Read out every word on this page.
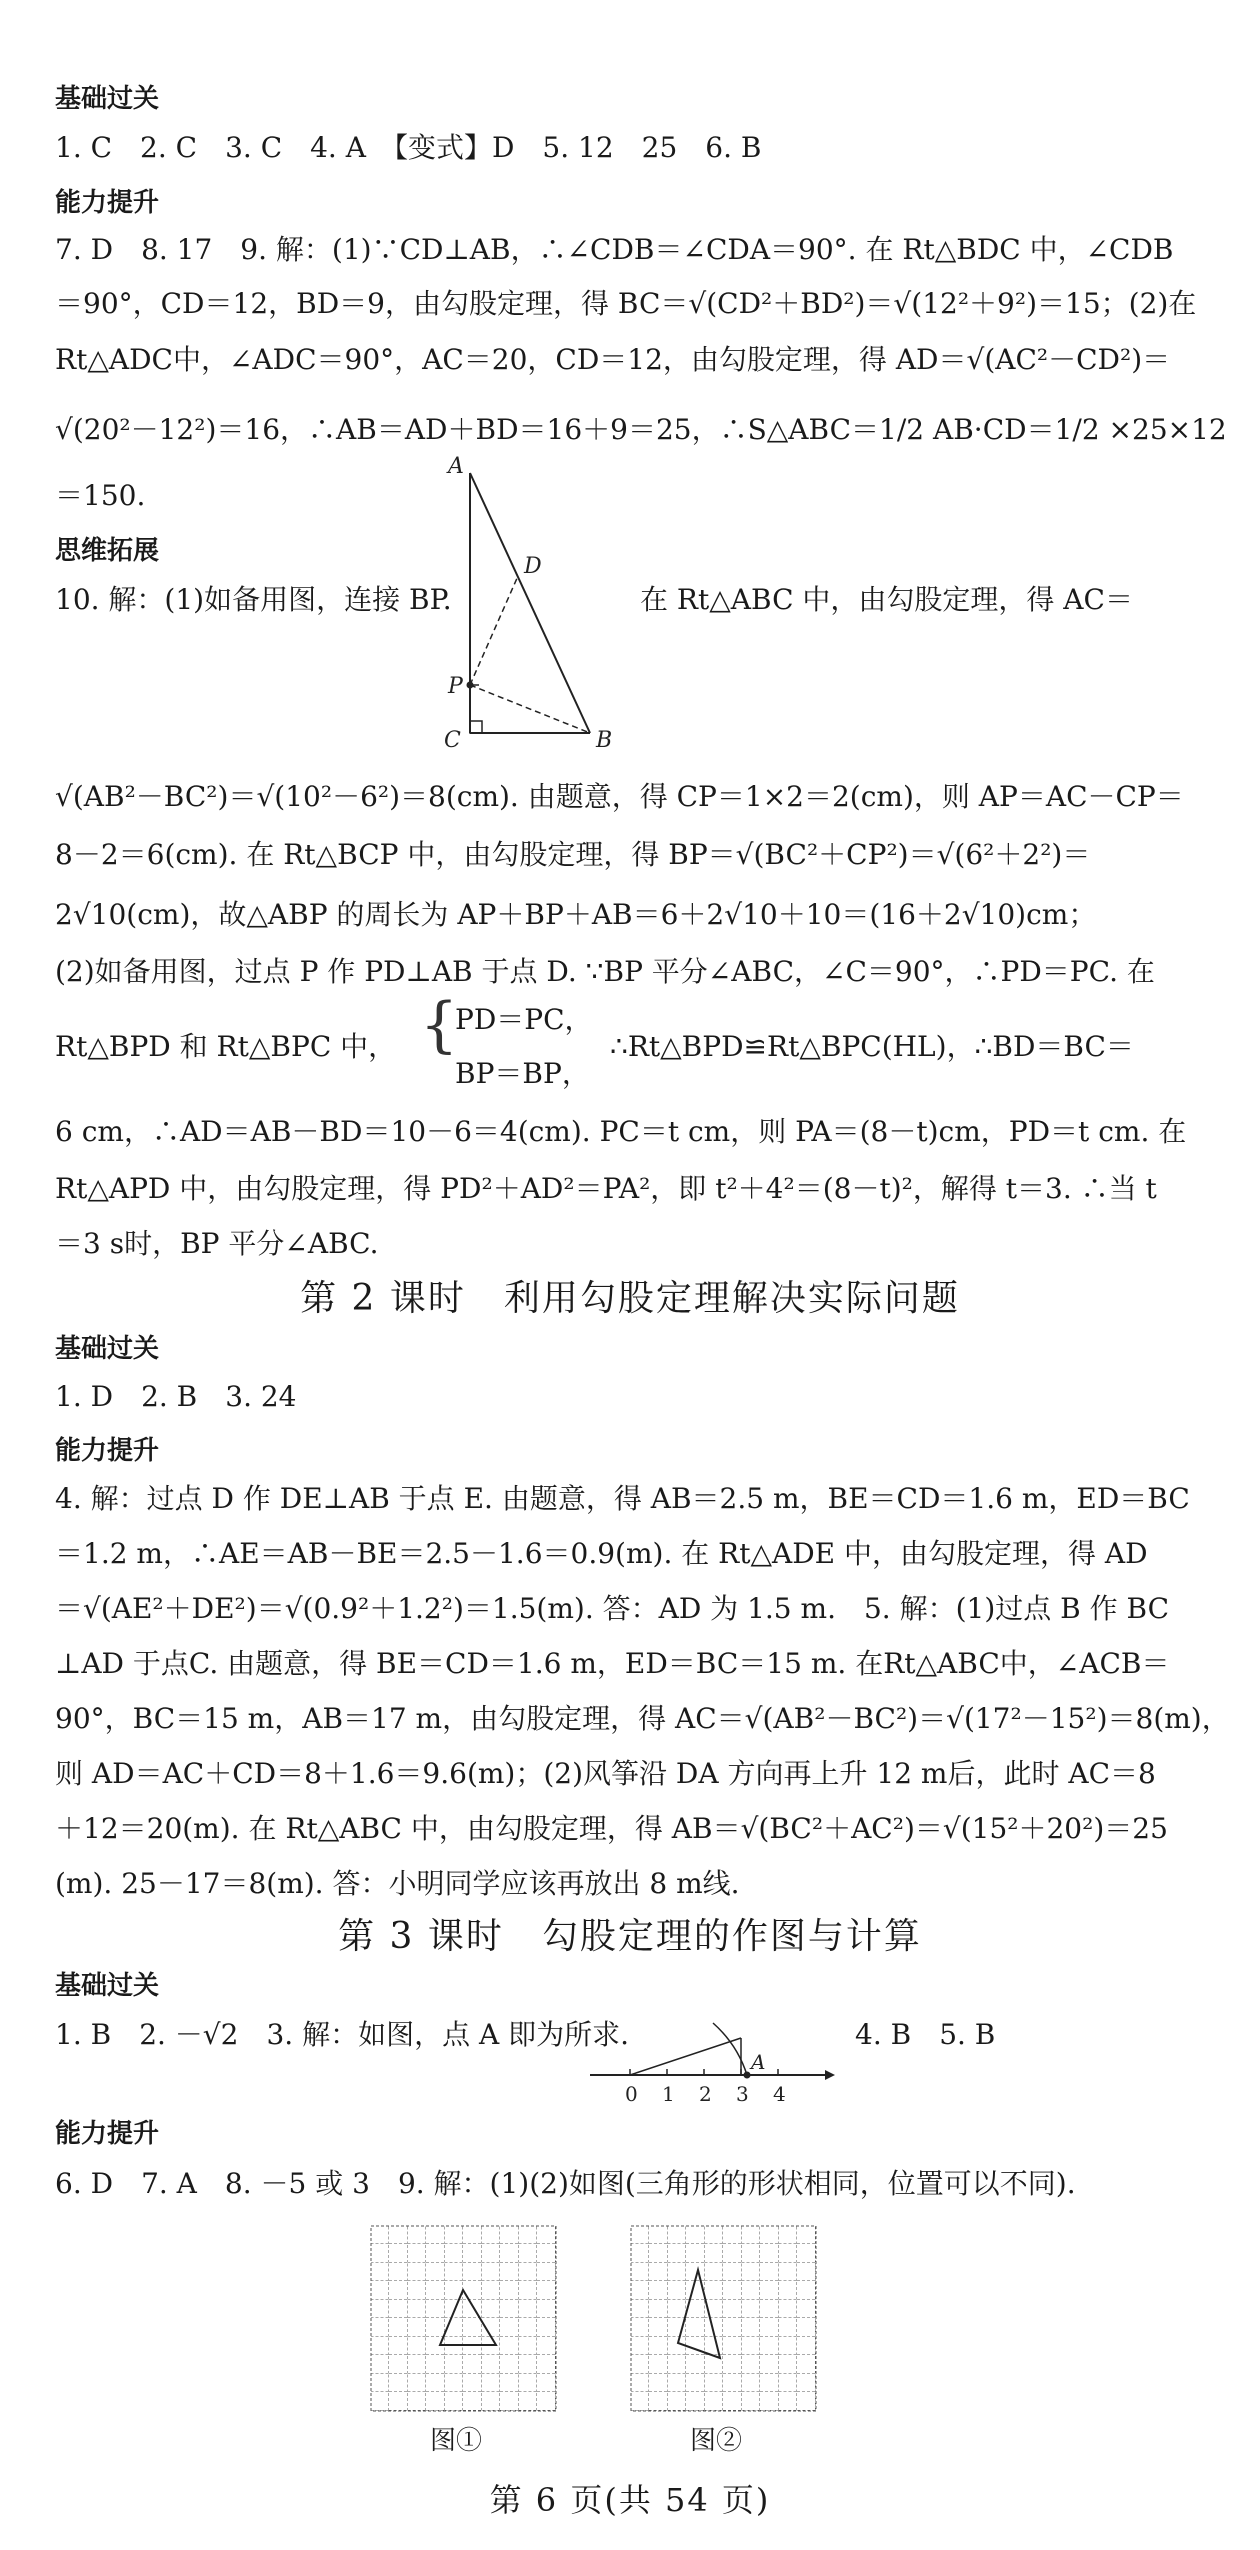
基础过关
1. C　2. C　3. C　4. A　【变式】D　5. 12　25　6. B
能力提升
7. D　8. 17　9. 解：(1)∵CD⊥AB，∴∠CDB＝∠CDA＝90°. 在 Rt△BDC 中，∠CDB
＝90°，CD＝12，BD＝9，由勾股定理，得 BC＝√(CD²＋BD²)＝√(12²＋9²)＝15；(2)在
Rt△ADC中，∠ADC＝90°，AC＝20，CD＝12，由勾股定理，得 AD＝√(AC²－CD²)＝
√(20²－12²)＝16，∴AB＝AD＋BD＝16＋9＝25，∴S△ABC＝1/2 AB·CD＝1/2 ×25×12
＝150.
思维拓展
10. 解：(1)如备用图，连接 BP.	在 Rt△ABC 中，由勾股定理，得 AC＝
A
D
P
C	B
√(AB²－BC²)＝√(10²－6²)＝8(cm). 由题意，得 CP＝1×2＝2(cm)，则 AP＝AC－CP＝
8－2＝6(cm). 在 Rt△BCP 中，由勾股定理，得 BP＝√(BC²＋CP²)＝√(6²＋2²)＝
2√10(cm)，故△ABP 的周长为 AP＋BP＋AB＝6＋2√10＋10＝(16＋2√10)cm；
(2)如备用图，过点 P 作 PD⊥AB 于点 D. ∵BP 平分∠ABC，∠C＝90°，∴PD＝PC. 在
Rt△BPD 和 Rt△BPC 中， {
PD＝PC，
BP＝BP，
∴Rt△BPD≌Rt△BPC(HL)，∴BD＝BC＝
6 cm，∴AD＝AB－BD＝10－6＝4(cm). PC＝t cm，则 PA＝(8－t)cm，PD＝t cm. 在
Rt△APD 中，由勾股定理，得 PD²＋AD²＝PA²，即 t²＋4²＝(8－t)²，解得 t＝3. ∴当 t
＝3 s时，BP 平分∠ABC.
第 2 课时　利用勾股定理解决实际问题
基础过关
1. D　2. B　3. 24
能力提升
4. 解：过点 D 作 DE⊥AB 于点 E. 由题意，得 AB＝2.5 m，BE＝CD＝1.6 m，ED＝BC
＝1.2 m，∴AE＝AB－BE＝2.5－1.6＝0.9(m). 在 Rt△ADE 中，由勾股定理，得 AD
＝√(AE²＋DE²)＝√(0.9²＋1.2²)＝1.5(m). 答：AD 为 1.5 m.　5. 解：(1)过点 B 作 BC
⊥AD 于点C. 由题意，得 BE＝CD＝1.6 m，ED＝BC＝15 m. 在Rt△ABC中，∠ACB＝
90°，BC＝15 m，AB＝17 m，由勾股定理，得 AC＝√(AB²－BC²)＝√(17²－15²)＝8(m)，
则 AD＝AC＋CD＝8＋1.6＝9.6(m)；(2)风筝沿 DA 方向再上升 12 m后，此时 AC＝8
＋12＝20(m). 在 Rt△ABC 中，由勾股定理，得 AB＝√(BC²＋AC²)＝√(15²＋20²)＝25
(m). 25－17＝8(m). 答：小明同学应该再放出 8 m线.
第 3 课时　勾股定理的作图与计算
基础过关
1. B　2. －√2　3. 解：如图，点 A 即为所求.	4. B　5. B
0 1 2 3 4
A
能力提升
6. D　7. A　8. －5 或 3　9. 解：(1)(2)如图(三角形的形状相同，位置可以不同).
图①	图②
第 6 页(共 54 页)
